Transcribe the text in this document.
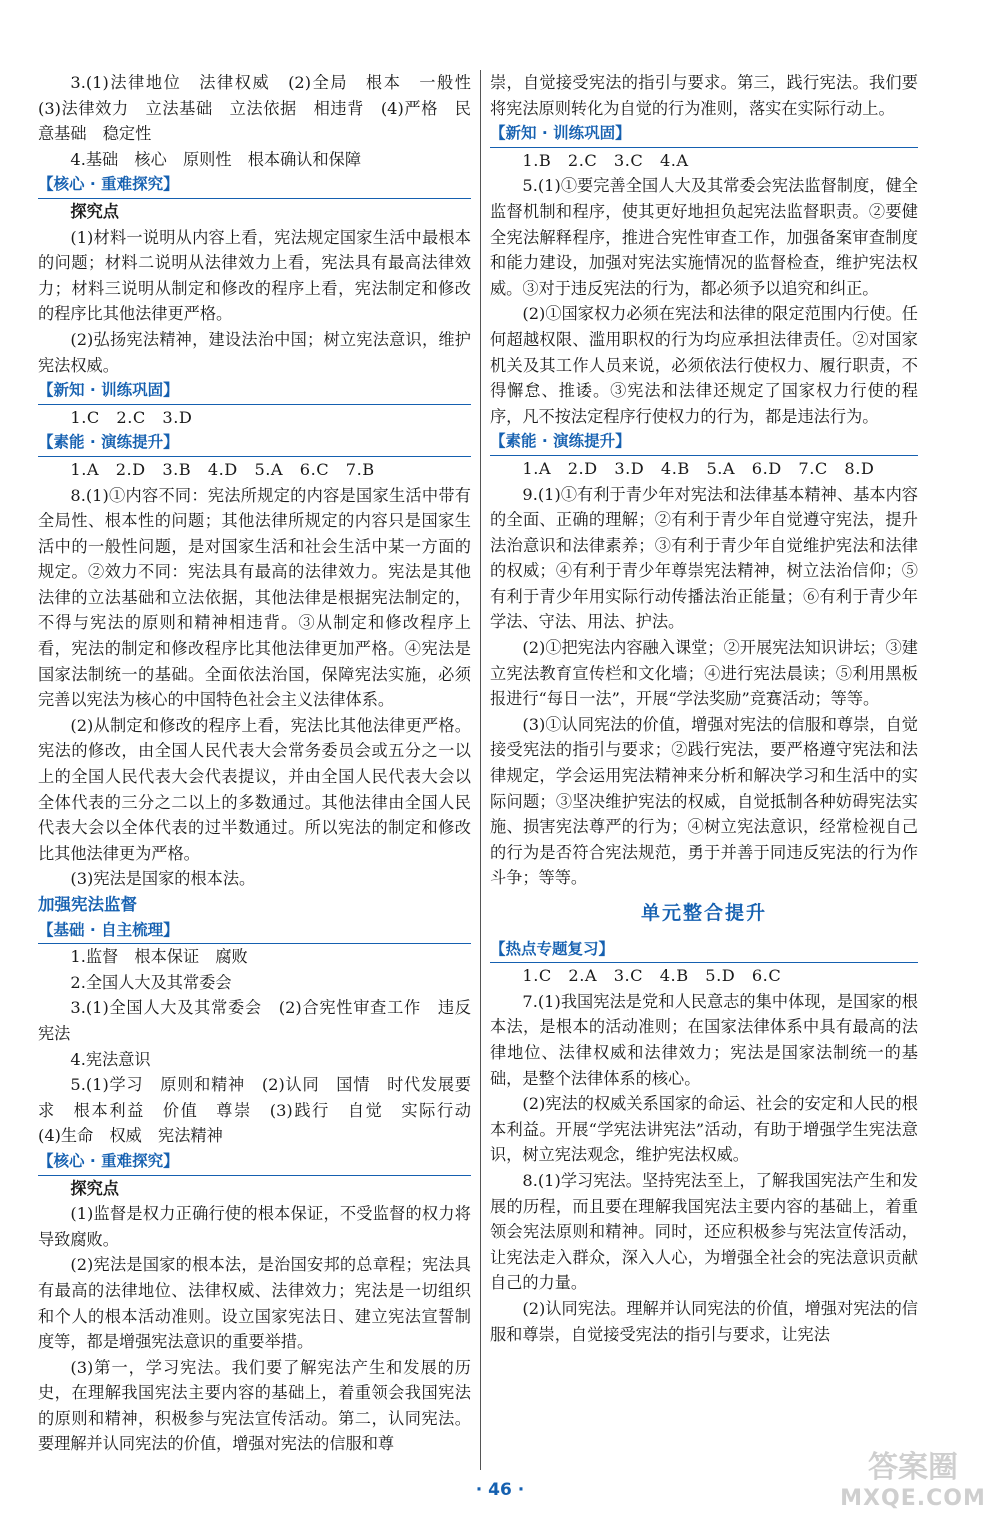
3.(1)法律地位　法律权威　(2)全局　根本　一般性　(3)法律效力　立法基础　立法依据　相违背　(4)严格　民意基础　稳定性

4.基础　核心　原则性　根本确认和保障

【核心 · 重难探究】

探究点

(1)材料一说明从内容上看，宪法规定国家生活中最根本的问题；材料二说明从法律效力上看，宪法具有最高法律效力；材料三说明从制定和修改的程序上看，宪法制定和修改的程序比其他法律更严格。

(2)弘扬宪法精神，建设法治中国；树立宪法意识，维护宪法权威。

【新知 · 训练巩固】

1.C　2.C　3.D

【素能 · 演练提升】

1.A　2.D　3.B　4.D　5.A　6.C　7.B

8.(1)①内容不同：宪法所规定的内容是国家生活中带有全局性、根本性的问题；其他法律所规定的内容只是国家生活中的一般性问题，是对国家生活和社会生活中某一方面的规定。②效力不同：宪法具有最高的法律效力。宪法是其他法律的立法基础和立法依据，其他法律是根据宪法制定的，不得与宪法的原则和精神相违背。③从制定和修改程序上看，宪法的制定和修改程序比其他法律更加严格。④宪法是国家法制统一的基础。全面依法治国，保障宪法实施，必须完善以宪法为核心的中国特色社会主义法律体系。

(2)从制定和修改的程序上看，宪法比其他法律更严格。宪法的修改，由全国人民代表大会常务委员会或五分之一以上的全国人民代表大会代表提议，并由全国人民代表大会以全体代表的三分之二以上的多数通过。其他法律由全国人民代表大会以全体代表的过半数通过。所以宪法的制定和修改比其他法律更为严格。

(3)宪法是国家的根本法。

加强宪法监督

【基础 · 自主梳理】

1.监督　根本保证　腐败

2.全国人大及其常委会

3.(1)全国人大及其常委会　(2)合宪性审查工作　违反宪法

4.宪法意识

5.(1)学习　原则和精神　(2)认同　国情　时代发展要求　根本利益　价值　尊崇　(3)践行　自觉　实际行动　(4)生命　权威　宪法精神

【核心 · 重难探究】

探究点

(1)监督是权力正确行使的根本保证，不受监督的权力将导致腐败。

(2)宪法是国家的根本法，是治国安邦的总章程；宪法具有最高的法律地位、法律权威、法律效力；宪法是一切组织和个人的根本活动准则。设立国家宪法日、建立宪法宣誓制度等，都是增强宪法意识的重要举措。

(3)第一，学习宪法。我们要了解宪法产生和发展的历史，在理解我国宪法主要内容的基础上，着重领会我国宪法的原则和精神，积极参与宪法宣传活动。第二，认同宪法。要理解并认同宪法的价值，增强对宪法的信服和尊

崇，自觉接受宪法的指引与要求。第三，践行宪法。我们要将宪法原则转化为自觉的行为准则，落实在实际行动上。

【新知 · 训练巩固】

1.B　2.C　3.C　4.A

5.(1)①要完善全国人大及其常委会宪法监督制度，健全监督机制和程序，使其更好地担负起宪法监督职责。②要健全宪法解释程序，推进合宪性审查工作，加强备案审查制度和能力建设，加强对宪法实施情况的监督检查，维护宪法权威。③对于违反宪法的行为，都必须予以追究和纠正。

(2)①国家权力必须在宪法和法律的限定范围内行使。任何超越权限、滥用职权的行为均应承担法律责任。②对国家机关及其工作人员来说，必须依法行使权力、履行职责，不得懈怠、推诿。③宪法和法律还规定了国家权力行使的程序，凡不按法定程序行使权力的行为，都是违法行为。

【素能 · 演练提升】

1.A　2.D　3.D　4.B　5.A　6.D　7.C　8.D

9.(1)①有利于青少年对宪法和法律基本精神、基本内容的全面、正确的理解；②有利于青少年自觉遵守宪法，提升法治意识和法律素养；③有利于青少年自觉维护宪法和法律的权威；④有利于青少年尊崇宪法精神，树立法治信仰；⑤有利于青少年用实际行动传播法治正能量；⑥有利于青少年学法、守法、用法、护法。

(2)①把宪法内容融入课堂；②开展宪法知识讲坛；③建立宪法教育宣传栏和文化墙；④进行宪法晨读；⑤利用黑板报进行“每日一法”，开展“学法奖励”竞赛活动；等等。

(3)①认同宪法的价值，增强对宪法的信服和尊崇，自觉接受宪法的指引与要求；②践行宪法，要严格遵守宪法和法律规定，学会运用宪法精神来分析和解决学习和生活中的实际问题；③坚决维护宪法的权威，自觉抵制各种妨碍宪法实施、损害宪法尊严的行为；④树立宪法意识，经常检视自己的行为是否符合宪法规范，勇于并善于同违反宪法的行为作斗争；等等。

单元整合提升

【热点专题复习】

1.C　2.A　3.C　4.B　5.D　6.C

7.(1)我国宪法是党和人民意志的集中体现，是国家的根本法，是根本的活动准则；在国家法律体系中具有最高的法律地位、法律权威和法律效力；宪法是国家法制统一的基础，是整个法律体系的核心。

(2)宪法的权威关系国家的命运、社会的安定和人民的根本利益。开展“学宪法讲宪法”活动，有助于增强学生宪法意识，树立宪法观念，维护宪法权威。

8.(1)学习宪法。坚持宪法至上，了解我国宪法产生和发展的历程，而且要在理解我国宪法主要内容的基础上，着重领会宪法原则和精神。同时，还应积极参与宪法宣传活动，让宪法走入群众，深入人心，为增强全社会的宪法意识贡献自己的力量。

(2)认同宪法。理解并认同宪法的价值，增强对宪法的信服和尊崇，自觉接受宪法的指引与要求，让宪法

· 46 ·
答案圈
MXQE.COM
